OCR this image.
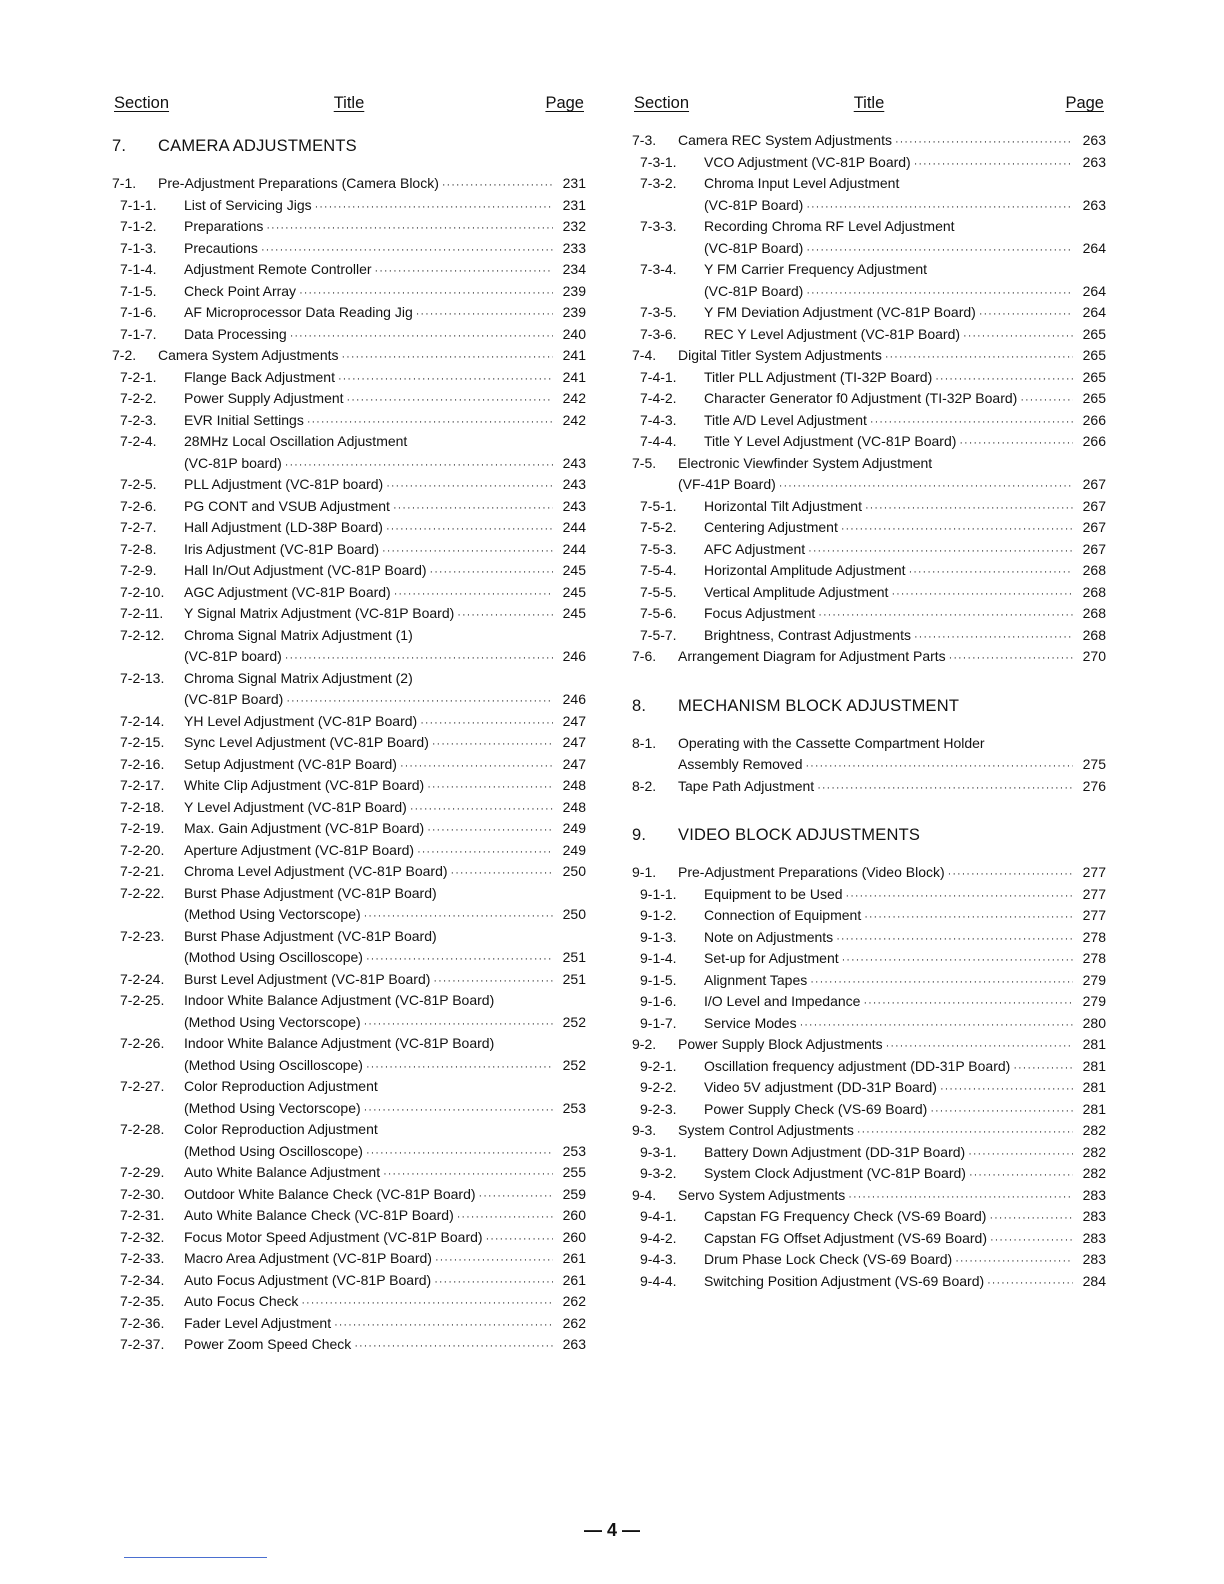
Section	Title	Page
7. CAMERA ADJUSTMENTS
7-1.	Pre-Adjustment Preparations (Camera Block) ·····	231
7-1-1.	List of Servicing Jigs ·····	231
7-1-2.	Preparations ·····	232
7-1-3.	Precautions ·····	233
7-1-4.	Adjustment Remote Controller ·····	234
7-1-5.	Check Point Array ·····	239
7-1-6.	AF Microprocessor Data Reading Jig ·····	239
7-1-7.	Data Processing ·····	240
7-2.	Camera System Adjustments ·····	241
7-2-1.	Flange Back Adjustment ·····	241
7-2-2.	Power Supply Adjustment ·····	242
7-2-3.	EVR Initial Settings ·····	242
7-2-4.	28MHz Local Oscillation Adjustment
(VC-81P board) ·····	243
7-2-5.	PLL Adjustment (VC-81P board) ·····	243
7-2-6.	PG CONT and VSUB Adjustment ·····	243
7-2-7.	Hall Adjustment (LD-38P Board) ·····	244
7-2-8.	Iris Adjustment (VC-81P Board) ·····	244
7-2-9.	Hall In/Out Adjustment (VC-81P Board) ·····	245
7-2-10.	AGC Adjustment (VC-81P Board) ·····	245
7-2-11.	Y Signal Matrix Adjustment (VC-81P Board) ·····	245
7-2-12.	Chroma Signal Matrix Adjustment (1)
(VC-81P board) ·····	246
7-2-13.	Chroma Signal Matrix Adjustment (2)
(VC-81P Board) ·····	246
7-2-14.	YH Level Adjustment (VC-81P Board) ·····	247
7-2-15.	Sync Level Adjustment (VC-81P Board) ·····	247
7-2-16.	Setup Adjustment (VC-81P Board) ·····	247
7-2-17.	White Clip Adjustment (VC-81P Board) ·····	248
7-2-18.	Y Level Adjustment (VC-81P Board) ·····	248
7-2-19.	Max. Gain Adjustment (VC-81P Board) ·····	249
7-2-20.	Aperture Adjustment (VC-81P Board) ·····	249
7-2-21.	Chroma Level Adjustment (VC-81P Board) ·····	250
7-2-22.	Burst Phase Adjustment (VC-81P Board)
(Method Using Vectorscope) ·····	250
7-2-23.	Burst Phase Adjustment (VC-81P Board)
(Mothod Using Oscilloscope) ·····	251
7-2-24.	Burst Level Adjustment (VC-81P Board) ·····	251
7-2-25.	Indoor White Balance Adjustment (VC-81P Board)
(Method Using Vectorscope) ·····	252
7-2-26.	Indoor White Balance Adjustment (VC-81P Board)
(Method Using Oscilloscope) ·····	252
7-2-27.	Color Reproduction Adjustment
(Method Using Vectorscope) ·····	253
7-2-28.	Color Reproduction Adjustment
(Method Using Oscilloscope) ·····	253
7-2-29.	Auto White Balance Adjustment ·····	255
7-2-30.	Outdoor White Balance Check (VC-81P Board) ·····	259
7-2-31.	Auto White Balance Check (VC-81P Board) ·····	260
7-2-32.	Focus Motor Speed Adjustment (VC-81P Board) ·····	260
7-2-33.	Macro Area Adjustment (VC-81P Board) ·····	261
7-2-34.	Auto Focus Adjustment (VC-81P Board) ·····	261
7-2-35.	Auto Focus Check ·····	262
7-2-36.	Fader Level Adjustment ·····	262
7-2-37.	Power Zoom Speed Check ·····	263
Section	Title	Page
7-3.	Camera REC System Adjustments ·····	263
7-3-1.	VCO Adjustment (VC-81P Board) ·····	263
7-3-2.	Chroma Input Level Adjustment
(VC-81P Board) ·····	263
7-3-3.	Recording Chroma RF Level Adjustment
(VC-81P Board) ·····	264
7-3-4.	Y FM Carrier Frequency Adjustment
(VC-81P Board) ·····	264
7-3-5.	Y FM Deviation Adjustment (VC-81P Board) ·····	264
7-3-6.	REC Y Level Adjustment (VC-81P Board) ·····	265
7-4.	Digital Titler System Adjustments ·····	265
7-4-1.	Titler PLL Adjustment (TI-32P Board) ·····	265
7-4-2.	Character Generator f0 Adjustment (TI-32P Board) ·····	265
7-4-3.	Title A/D Level Adjustment ·····	266
7-4-4.	Title Y Level Adjustment (VC-81P Board) ·····	266
7-5.	Electronic Viewfinder System Adjustment
(VF-41P Board) ·····	267
7-5-1.	Horizontal Tilt Adjustment ·····	267
7-5-2.	Centering Adjustment ·····	267
7-5-3.	AFC Adjustment ·····	267
7-5-4.	Horizontal Amplitude Adjustment ·····	268
7-5-5.	Vertical Amplitude Adjustment ·····	268
7-5-6.	Focus Adjustment ·····	268
7-5-7.	Brightness, Contrast Adjustments ·····	268
7-6.	Arrangement Diagram for Adjustment Parts ·····	270
8. MECHANISM BLOCK ADJUSTMENT
8-1.	Operating with the Cassette Compartment Holder
Assembly Removed ·····	275
8-2.	Tape Path Adjustment ·····	276
9. VIDEO BLOCK ADJUSTMENTS
9-1.	Pre-Adjustment Preparations (Video Block) ·····	277
9-1-1.	Equipment to be Used ·····	277
9-1-2.	Connection of Equipment ·····	277
9-1-3.	Note on Adjustments ·····	278
9-1-4.	Set-up for Adjustment ·····	278
9-1-5.	Alignment Tapes ·····	279
9-1-6.	I/O Level and Impedance ·····	279
9-1-7.	Service Modes ·····	280
9-2.	Power Supply Block Adjustments ·····	281
9-2-1.	Oscillation frequency adjustment (DD-31P Board) ·····	281
9-2-2.	Video 5V adjustment (DD-31P Board) ·····	281
9-2-3.	Power Supply Check (VS-69 Board) ·····	281
9-3.	System Control Adjustments ·····	282
9-3-1.	Battery Down Adjustment (DD-31P Board) ·····	282
9-3-2.	System Clock Adjustment (VC-81P Board) ·····	282
9-4.	Servo System Adjustments ·····	283
9-4-1.	Capstan FG Frequency Check (VS-69 Board) ·····	283
9-4-2.	Capstan FG Offset Adjustment (VS-69 Board) ·····	283
9-4-3.	Drum Phase Lock Check (VS-69 Board) ·····	283
9-4-4.	Switching Position Adjustment (VS-69 Board) ·····	284
— 4 —
